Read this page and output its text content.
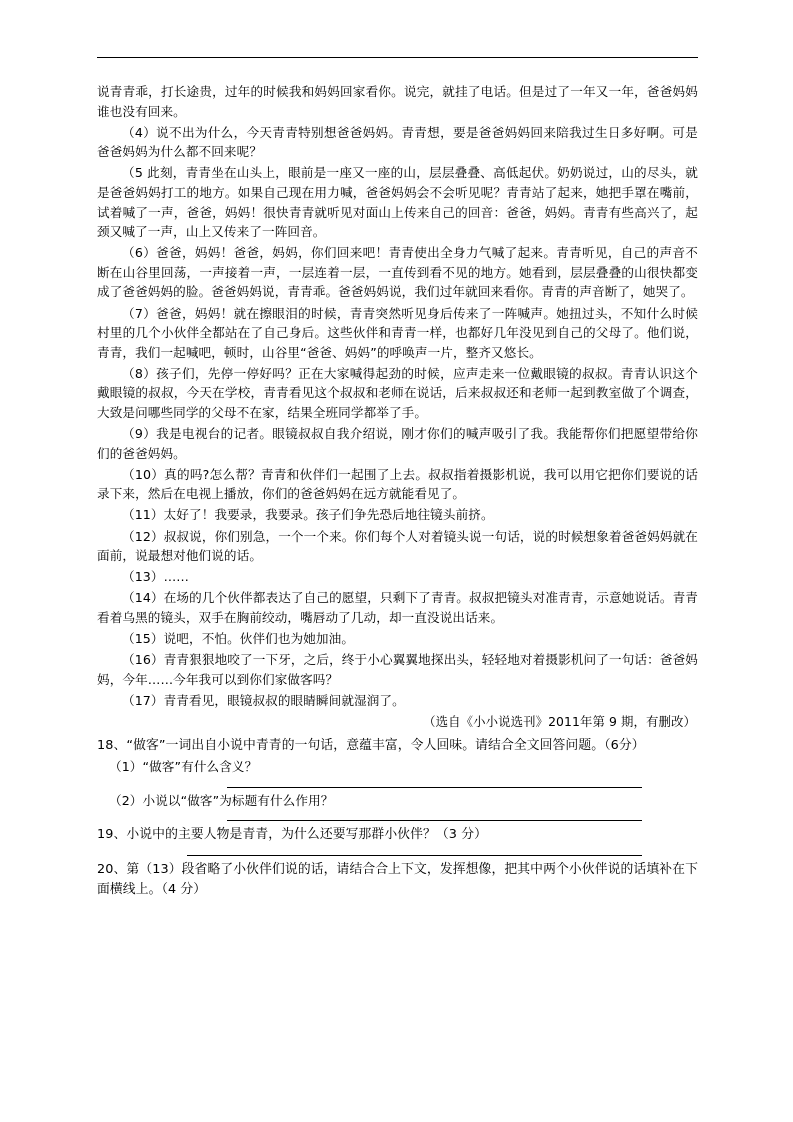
说青青乖，打长途贵，过年的时候我和妈妈回家看你。说完，就挂了电话。但是过了一年又一年，爸爸妈妈谁也没有回来。

（4）说不出为什么，今天青青特别想爸爸妈妈。青青想，要是爸爸妈妈回来陪我过生日多好啊。可是爸爸妈妈为什么都不回来呢？

（5 此刻，青青坐在山头上，眼前是一座又一座的山，层层叠叠、高低起伏。奶奶说过，山的尽头，就是爸爸妈妈打工的地方。如果自己现在用力喊，爸爸妈妈会不会听见呢？青青站了起来，她把手罩在嘴前，试着喊了一声，爸爸，妈妈！很快青青就听见对面山上传来自己的回音：爸爸，妈妈。青青有些高兴了，起颈又喊了一声，山上又传来了一阵回音。

（6）爸爸，妈妈！爸爸，妈妈，你们回来吧！青青使出全身力气喊了起来。青青听见，自己的声音不断在山谷里回荡，一声接着一声，一层连着一层，一直传到看不见的地方。她看到，层层叠叠的山很快都变成了爸爸妈妈的脸。爸爸妈妈说，青青乖。爸爸妈妈说，我们过年就回来看你。青青的声音断了，她哭了。

（7）爸爸，妈妈！就在擦眼泪的时候，青青突然听见身后传来了一阵喊声。她扭过头，不知什么时候村里的几个小伙伴全都站在了自己身后。这些伙伴和青青一样，也都好几年没见到自己的父母了。他们说，青青，我们一起喊吧，顿时，山谷里“爸爸、妈妈”的呼唤声一片，整齐又悠长。

（8）孩子们，先停一停好吗？正在大家喊得起劲的时候，应声走来一位戴眼镜的叔叔。青青认识这个戴眼镜的叔叔，今天在学校，青青看见这个叔叔和老师在说话，后来叔叔还和老师一起到教室做了个调查，大致是问哪些同学的父母不在家，结果全班同学都举了手。

（9）我是电视台的记者。眼镜叔叔自我介绍说，刚才你们的喊声吸引了我。我能帮你们把愿望带给你们的爸爸妈妈。

（10）真的吗?怎么帮？青青和伙伴们一起围了上去。叔叔指着摄影机说，我可以用它把你们要说的话录下来，然后在电视上播放，你们的爸爸妈妈在远方就能看见了。

（11）太好了！我要录，我要录。孩子们争先恐后地往镜头前挤。

（12）叔叔说，你们别急，一个一个来。你们每个人对着镜头说一句话，说的时候想象着爸爸妈妈就在面前，说最想对他们说的话。

（13）……

（14）在场的几个伙伴都表达了自己的愿望，只剩下了青青。叔叔把镜头对准青青，示意她说话。青青看着乌黑的镜头，双手在胸前绞动，嘴唇动了几动，却一直没说出话来。

（15）说吧，不怕。伙伴们也为她加油。

（16）青青狠狠地咬了一下牙，之后，终于小心翼翼地探出头，轻轻地对着摄影机问了一句话：爸爸妈妈，今年……今年我可以到你们家做客吗？

（17）青青看见，眼镜叔叔的眼睛瞬间就湿润了。

（选自《小小说选刊》2011年第 9 期，有删改）

18、“做客”一词出自小说中青青的一句话，意蕴丰富，令人回味。请结合全文回答问题。（6分）

（1）“做客”有什么含义？

（2）小说以“做客”为标题有什么作用？

19、小说中的主要人物是青青，为什么还要写那群小伙伴？（3 分）

20、第（13）段省略了小伙伴们说的话，请结合合上下文，发挥想像，把其中两个小伙伴说的话填补在下面横线上。（4 分）
